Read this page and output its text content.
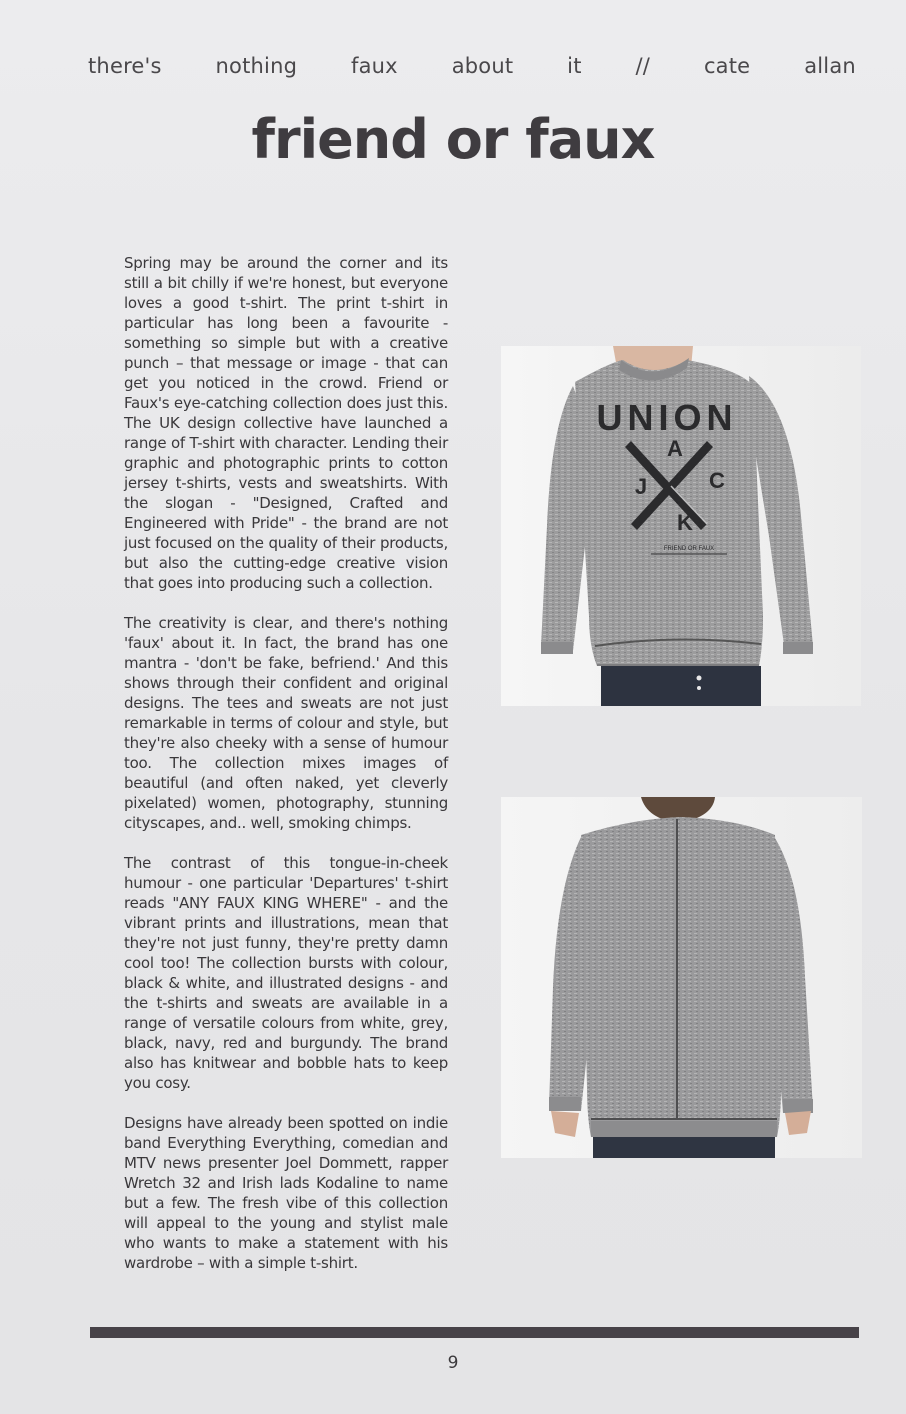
there's	nothing	faux	about	it	//	cate	allan
friend or faux

Spring may be around the corner and its still a bit chilly if we're honest, but everyone loves a good t-shirt. The print t-shirt in particular has long been a favourite - something so simple but with a creative punch – that message or image - that can get you noticed in the crowd. Friend or Faux's eye-catching collection does just this. The UK design collective have launched a range of T-shirt with character. Lending their graphic and photographic prints to cotton jersey t-shirts, vests and sweatshirts. With the slogan - "Designed, Crafted and Engineered with Pride" - the brand are not just focused on the quality of their products, but also the cutting-edge creative vision that goes into producing such a collection.

The creativity is clear, and there's nothing 'faux' about it. In fact, the brand has one mantra - 'don't be fake, befriend.' And this shows through their confident and original designs. The tees and sweats are not just remarkable in terms of colour and style, but they're also cheeky with a sense of humour too. The collection mixes images of beautiful (and often naked, yet cleverly pixelated) women, photography, stunning cityscapes, and.. well, smoking chimps.

The contrast of this tongue-in-cheek humour - one particular 'Departures' t-shirt reads "ANY FAUX KING WHERE" - and the vibrant prints and illustrations, mean that they're not just funny, they're pretty damn cool too! The collection bursts with colour, black & white, and illustrated designs - and the t-shirts and sweats are available in a range of versatile colours from white, grey, black, navy, red and burgundy. The brand also has knitwear and bobble hats to keep you cosy.

Designs have already been spotted on indie band Everything Everything, comedian and MTV news presenter Joel Dommett, rapper Wretch 32 and Irish lads Kodaline to name but a few. The fresh vibe of this collection will appeal to the young and stylist male who wants to make a statement with his wardrobe – with a simple t-shirt.

UNION
A
J	C
K
FRIEND OR FAUX
9
